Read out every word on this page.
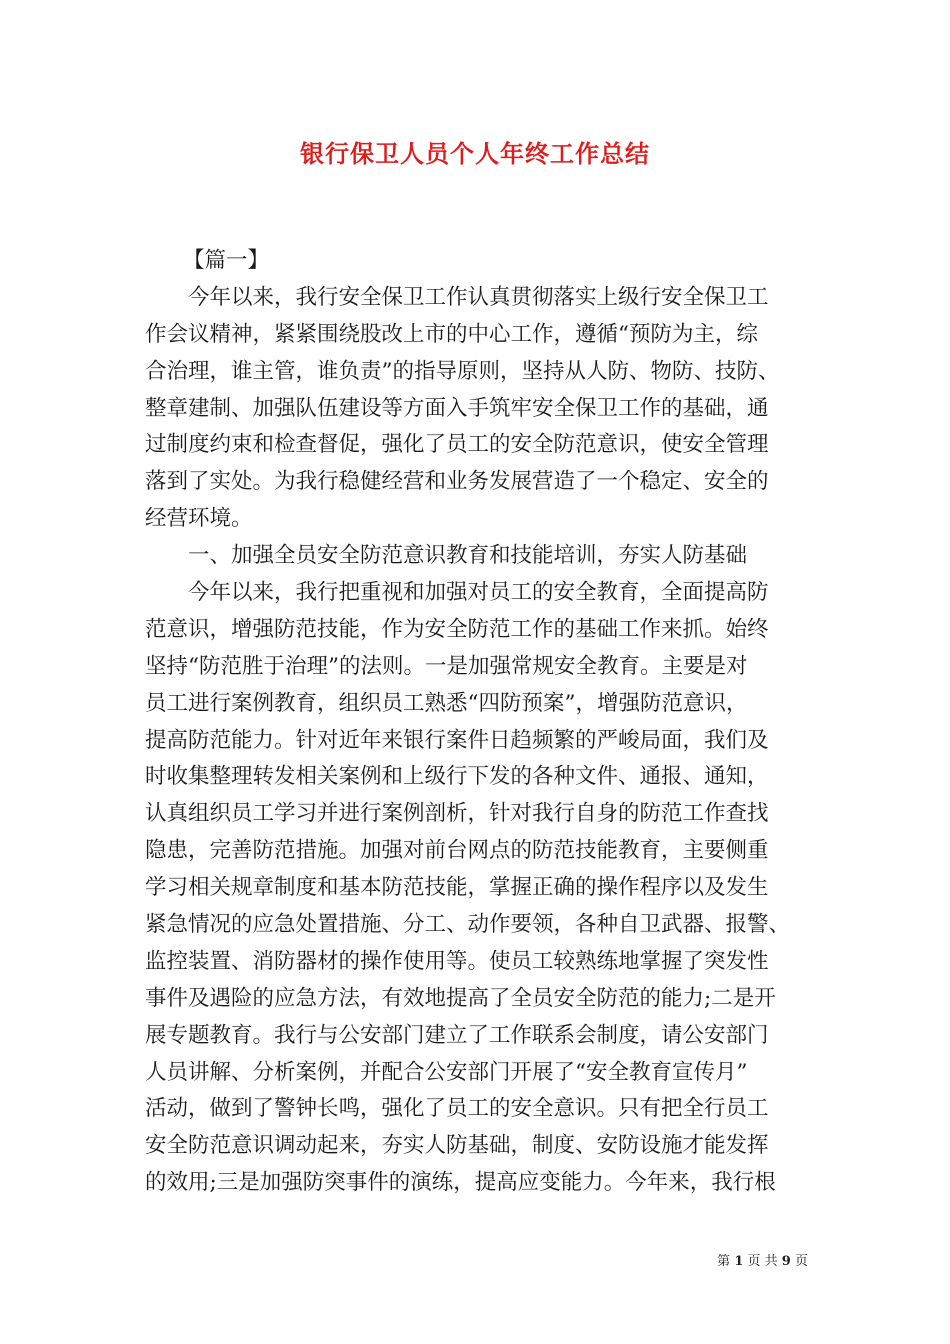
银行保卫人员个人年终工作总结
【篇一】
今年以来，我行安全保卫工作认真贯彻落实上级行安全保卫工
作会议精神，紧紧围绕股改上市的中心工作，遵循“预防为主，综
合治理，谁主管，谁负责”的指导原则，坚持从人防、物防、技防、
整章建制、加强队伍建设等方面入手筑牢安全保卫工作的基础，通
过制度约束和检查督促，强化了员工的安全防范意识，使安全管理
落到了实处。为我行稳健经营和业务发展营造了一个稳定、安全的
经营环境。
一、加强全员安全防范意识教育和技能培训，夯实人防基础
今年以来，我行把重视和加强对员工的安全教育，全面提高防
范意识，增强防范技能，作为安全防范工作的基础工作来抓。始终
坚持“防范胜于治理”的法则。一是加强常规安全教育。主要是对
员工进行案例教育，组织员工熟悉“四防预案”，增强防范意识，
提高防范能力。针对近年来银行案件日趋频繁的严峻局面，我们及
时收集整理转发相关案例和上级行下发的各种文件、通报、通知，
认真组织员工学习并进行案例剖析，针对我行自身的防范工作查找
隐患，完善防范措施。加强对前台网点的防范技能教育，主要侧重
学习相关规章制度和基本防范技能，掌握正确的操作程序以及发生
紧急情况的应急处置措施、分工、动作要领，各种自卫武器、报警、
监控装置、消防器材的操作使用等。使员工较熟练地掌握了突发性
事件及遇险的应急方法，有效地提高了全员安全防范的能力;二是开
展专题教育。我行与公安部门建立了工作联系会制度，请公安部门
人员讲解、分析案例，并配合公安部门开展了“安全教育宣传月”
活动，做到了警钟长鸣，强化了员工的安全意识。只有把全行员工
安全防范意识调动起来，夯实人防基础，制度、安防设施才能发挥
的效用;三是加强防突事件的演练，提高应变能力。今年来，我行根
第 1 页 共 9 页
